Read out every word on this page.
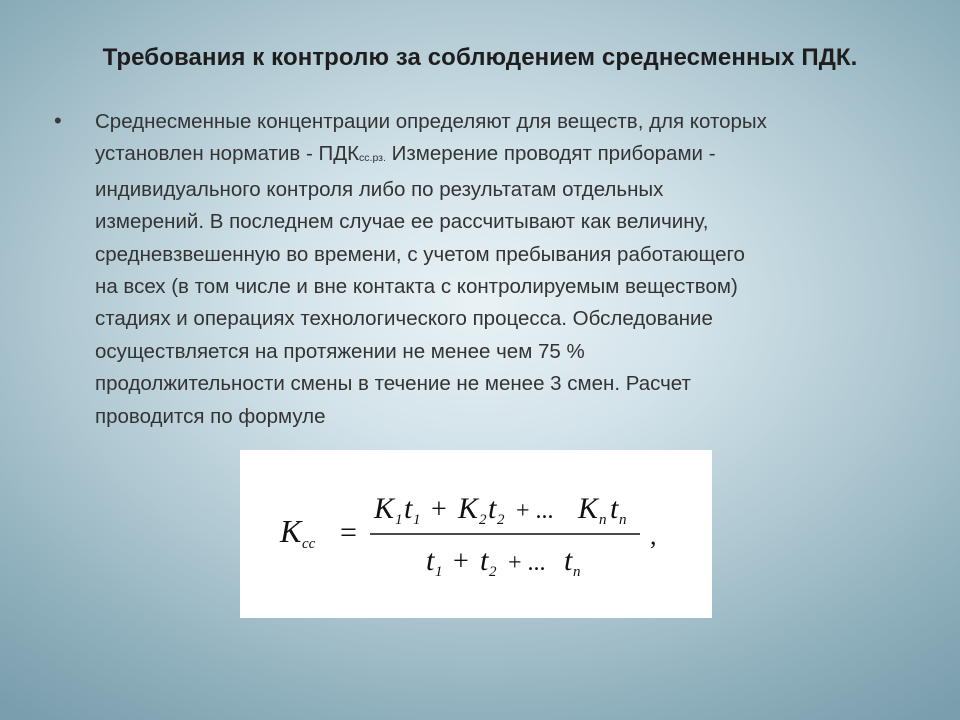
Требования к контролю за соблюдением среднесменных ПДК.
• Среднесменные концентрации определяют для веществ, для которых
установлен норматив - $ПДК_{сс.рз.}$ Измерение проводят приборами -
индивидуального контроля либо по результатам отдельных
измерений. В последнем случае ее рассчитывают как величину,
средневзвешенную во времени, с учетом пребывания работающего
на всех (в том числе и вне контакта с контролируемым веществом)
стадиях и операциях технологического процесса. Обследование
осуществляется на протяжении не менее чем 75 %
продолжительности смены в течение не менее 3 смен. Расчет
проводится по формуле
K сс =
K 1 t 1 + K 2 t 2 + ... K n t n
t 1 + t 2 + ... t n
,
